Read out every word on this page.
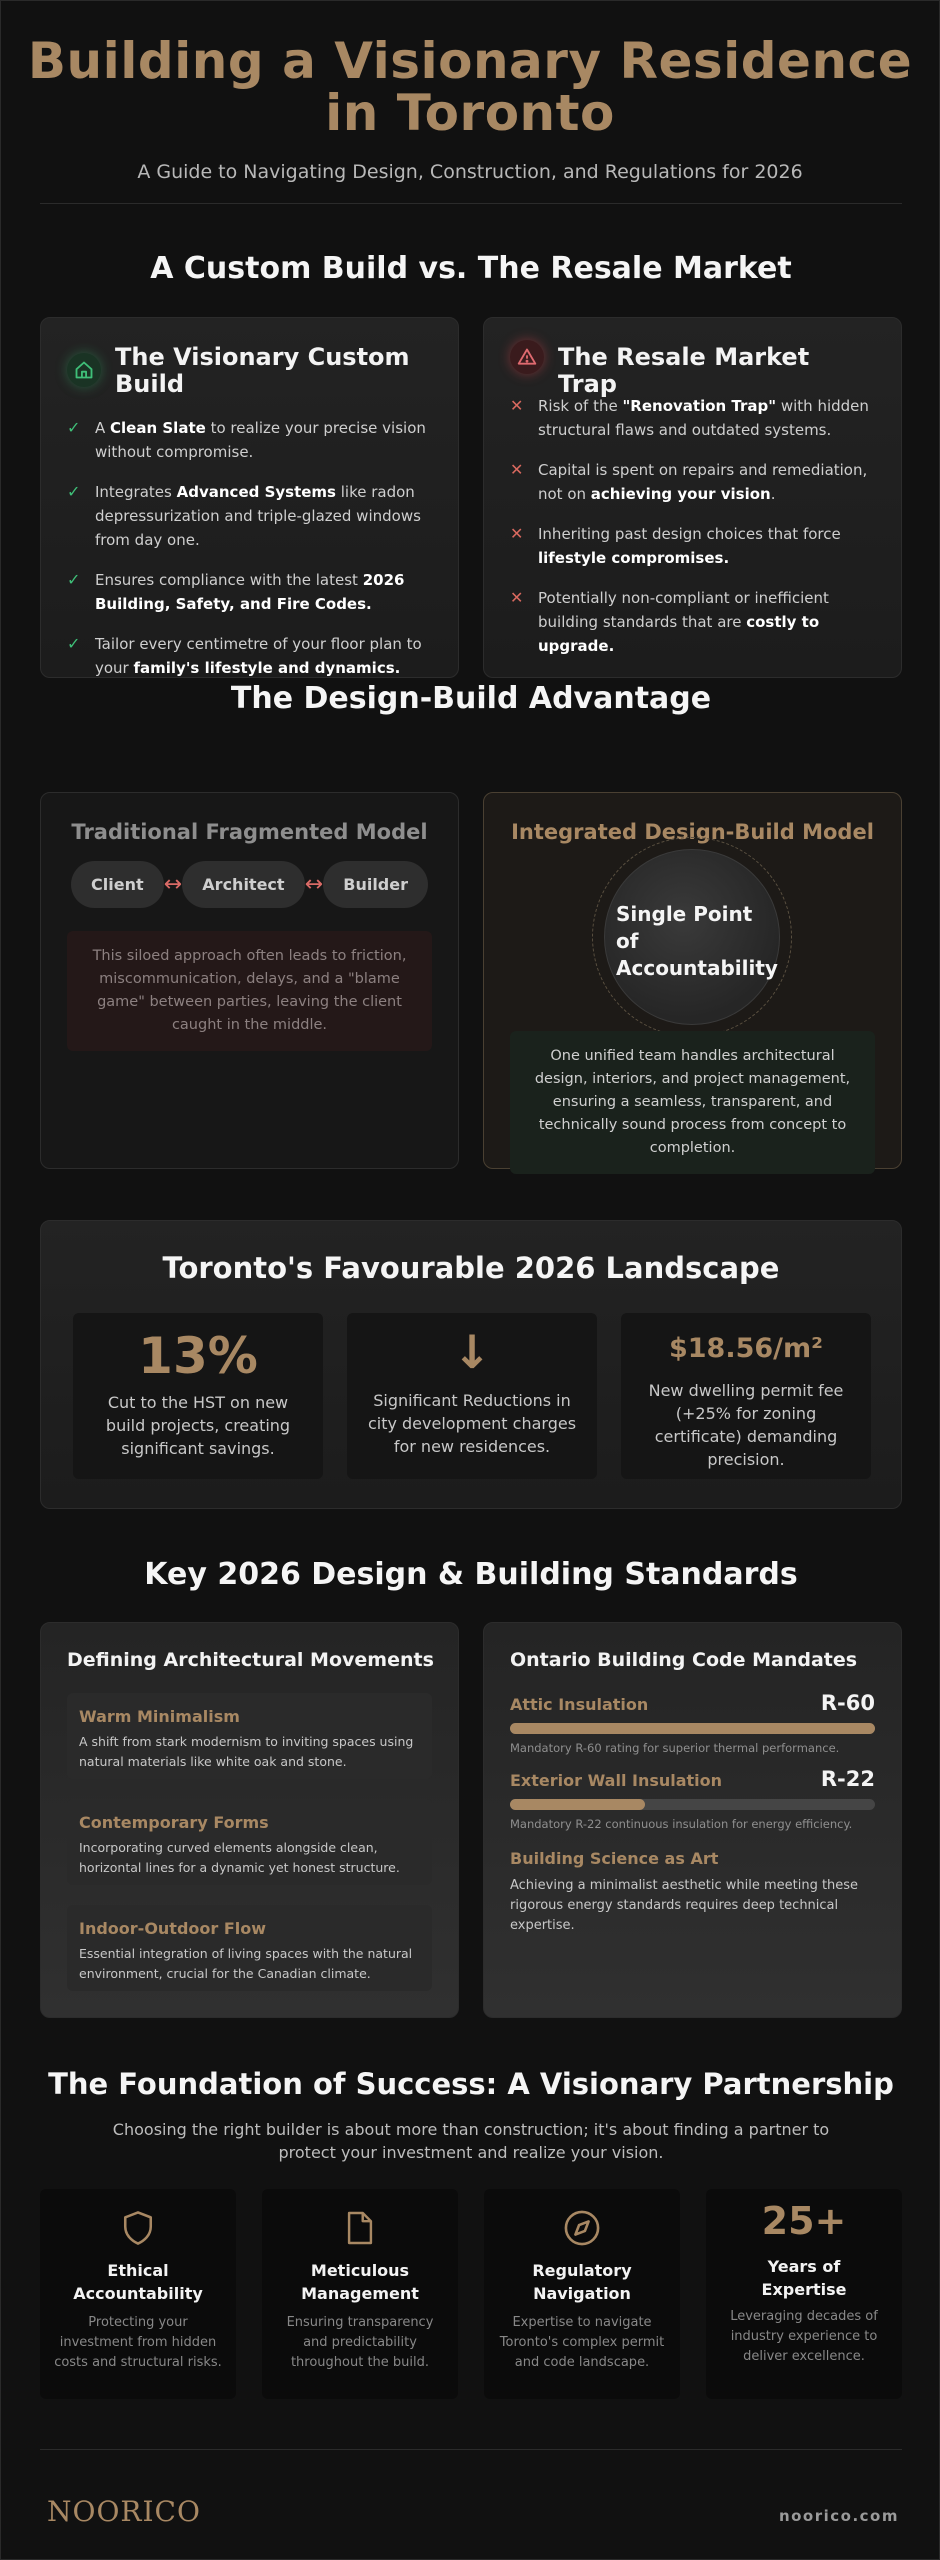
Building a Visionary Residence
in Toronto
A Guide to Navigating Design, Construction, and Regulations for 2026
A Custom Build vs. The Resale Market
The Visionary Custom Build
✓ A Clean Slate to realize your precise vision without compromise.
✓ Integrates Advanced Systems like radon depressurization and triple-glazed windows from day one.
✓ Ensures compliance with the latest 2026 Building, Safety, and Fire Codes.
✓ Tailor every centimetre of your floor plan to your family's lifestyle and dynamics.
The Resale Market Trap
✕ Risk of the "Renovation Trap" with hidden structural flaws and outdated systems.
✕ Capital is spent on repairs and remediation, not on achieving your vision.
✕ Inheriting past design choices that force lifestyle compromises.
✕ Potentially non-compliant or inefficient building standards that are costly to upgrade.
The Design-Build Advantage
Traditional Fragmented Model
Client ↔	Architect ↔	Builder
This siloed approach often leads to friction, miscommunication, delays, and a "blame game" between parties, leaving the client caught in the middle.
Integrated Design-Build Model
Single Point of
Accountability
One unified team handles architectural design, interiors, and project management, ensuring a seamless, transparent, and technically sound process from concept to completion.
Toronto's Favourable 2026 Landscape
13%
Cut to the HST on new build projects, creating significant savings.
↓
Significant Reductions in city development charges for new residences.
$18.56/m²
New dwelling permit fee (+25% for zoning certificate) demanding precision.
Key 2026 Design & Building Standards
Defining Architectural Movements
Warm Minimalism
A shift from stark modernism to inviting spaces using natural materials like white oak and stone.
Contemporary Forms
Incorporating curved elements alongside clean, horizontal lines for a dynamic yet honest structure.
Indoor-Outdoor Flow
Essential integration of living spaces with the natural environment, crucial for the Canadian climate.
Ontario Building Code Mandates
Attic Insulation	R-60
Mandatory R-60 rating for superior thermal performance.
Exterior Wall Insulation	R-22
Mandatory R-22 continuous insulation for energy efficiency.
Building Science as Art
Achieving a minimalist aesthetic while meeting these rigorous energy standards requires deep technical expertise.
The Foundation of Success: A Visionary Partnership
Choosing the right builder is about more than construction; it's about finding a partner to
protect your investment and realize your vision.
Ethical
Accountability
Protecting your investment from hidden costs and structural risks.
Meticulous
Management
Ensuring transparency and predictability throughout the build.
Regulatory
Navigation
Expertise to navigate Toronto's complex permit and code landscape.
25+
Years of
Expertise
Leveraging decades of industry experience to deliver excellence.
NOORICO	noorico.com
